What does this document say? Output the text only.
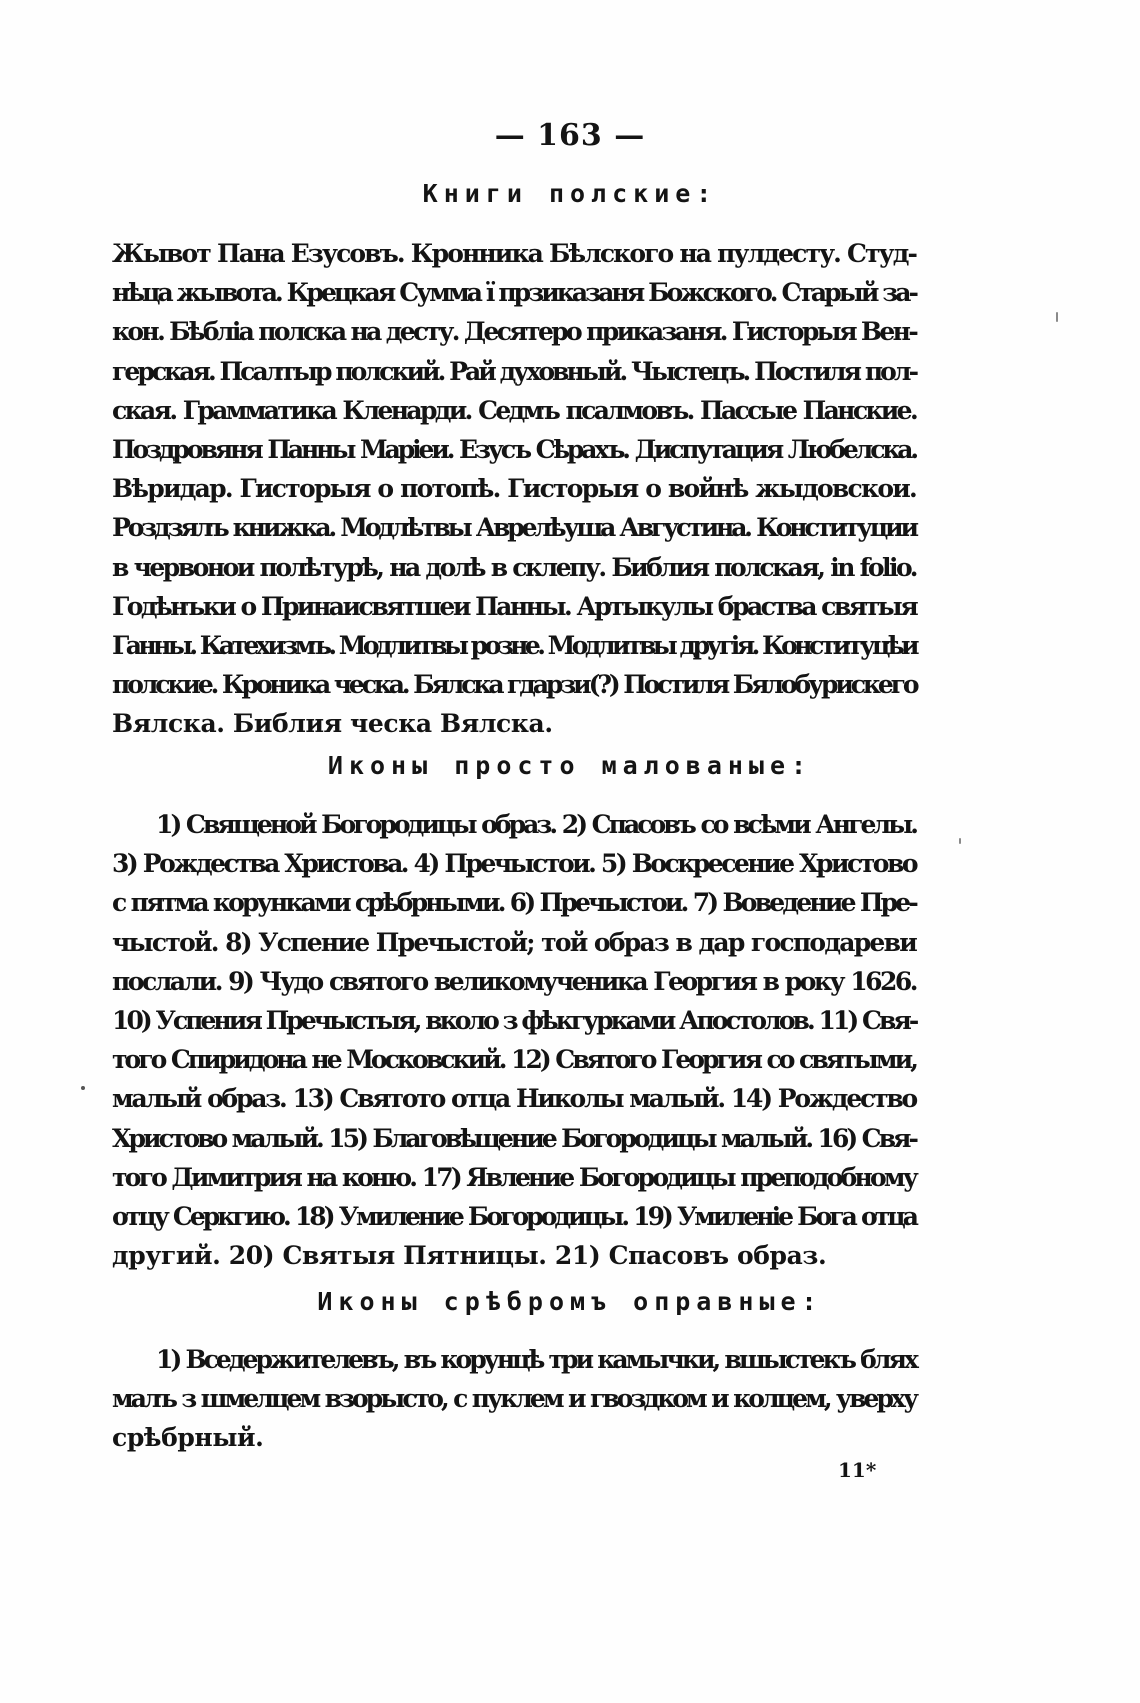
— 163 —
Книги полские:
Жывот Пана Езусовъ. Кронника Бѣлского на пулдесту. Студ-
нѣца жывота. Крецкая Сумма ї прзиказаня Божского. Старый за-
кон. Бѣблiа полска на десту. Десятеро приказаня. Гисторыя Вен-
герская. Псалтыр полский. Рай духовный. Чыстецъ. Постиля пол-
ская. Грамматика Кленарди. Седмъ псалмовъ. Пассые Панские.
Поздровяня Панны Марiеи. Езусъ Сѣрахъ. Диспутация Любелска.
Вѣридар. Гисторыя о потопѣ. Гисторыя о войнѣ жыдовскои.
Роздзялъ книжка. Модлѣтвы Аврелѣуша Августина. Конституции
в червонои полѣтурѣ, на долѣ в склепу. Библия полская, in folio.
Годѣнъки о Принаисвятшеи Панны. Артыкулы браства святыя
Ганны. Катехизмъ. Модлитвы розне. Модлитвы другiя. Конституцѣи
полские. Кроника ческа. Бялска гдарзи(?) Постиля Бялобурискего
Вялска. Библия ческа Вялска.
Иконы просто малованые:
1) Священой Богородицы образ. 2) Спасовъ со всѣми Ангелы.
3) Рождества Христова. 4) Пречыстои. 5) Воскресение Христово
с пятма корунками срѣбрными. 6) Пречыстои. 7) Воведение Пре-
чыстой. 8) Успение Пречыстой; той образ в дар господареви
послали. 9) Чудо святого великомученика Георгия в року 1626.
10) Успения Пречыстыя, вколо з фѣкгурками Апостолов. 11) Свя-
того Спиридона не Московский. 12) Святого Георгия со святыми,
малый образ. 13) Святото отца Николы малый. 14) Рождество
Христово малый. 15) Благовѣщение Богородицы малый. 16) Свя-
того Димитрия на коню. 17) Явление Богородицы преподобному
отцу Серкгию. 18) Умиление Богородицы. 19) Умиленiе Бога отца
другий. 20) Святыя Пятницы. 21) Спасовъ образ.
Иконы срѣбромъ оправные:
1) Вседержителевъ, въ корунцѣ три камычки, вшыстекъ блях
малъ з шмелцем взорысто, с пуклем и гвоздком и колцем, уверху
срѣбрный.
11*
